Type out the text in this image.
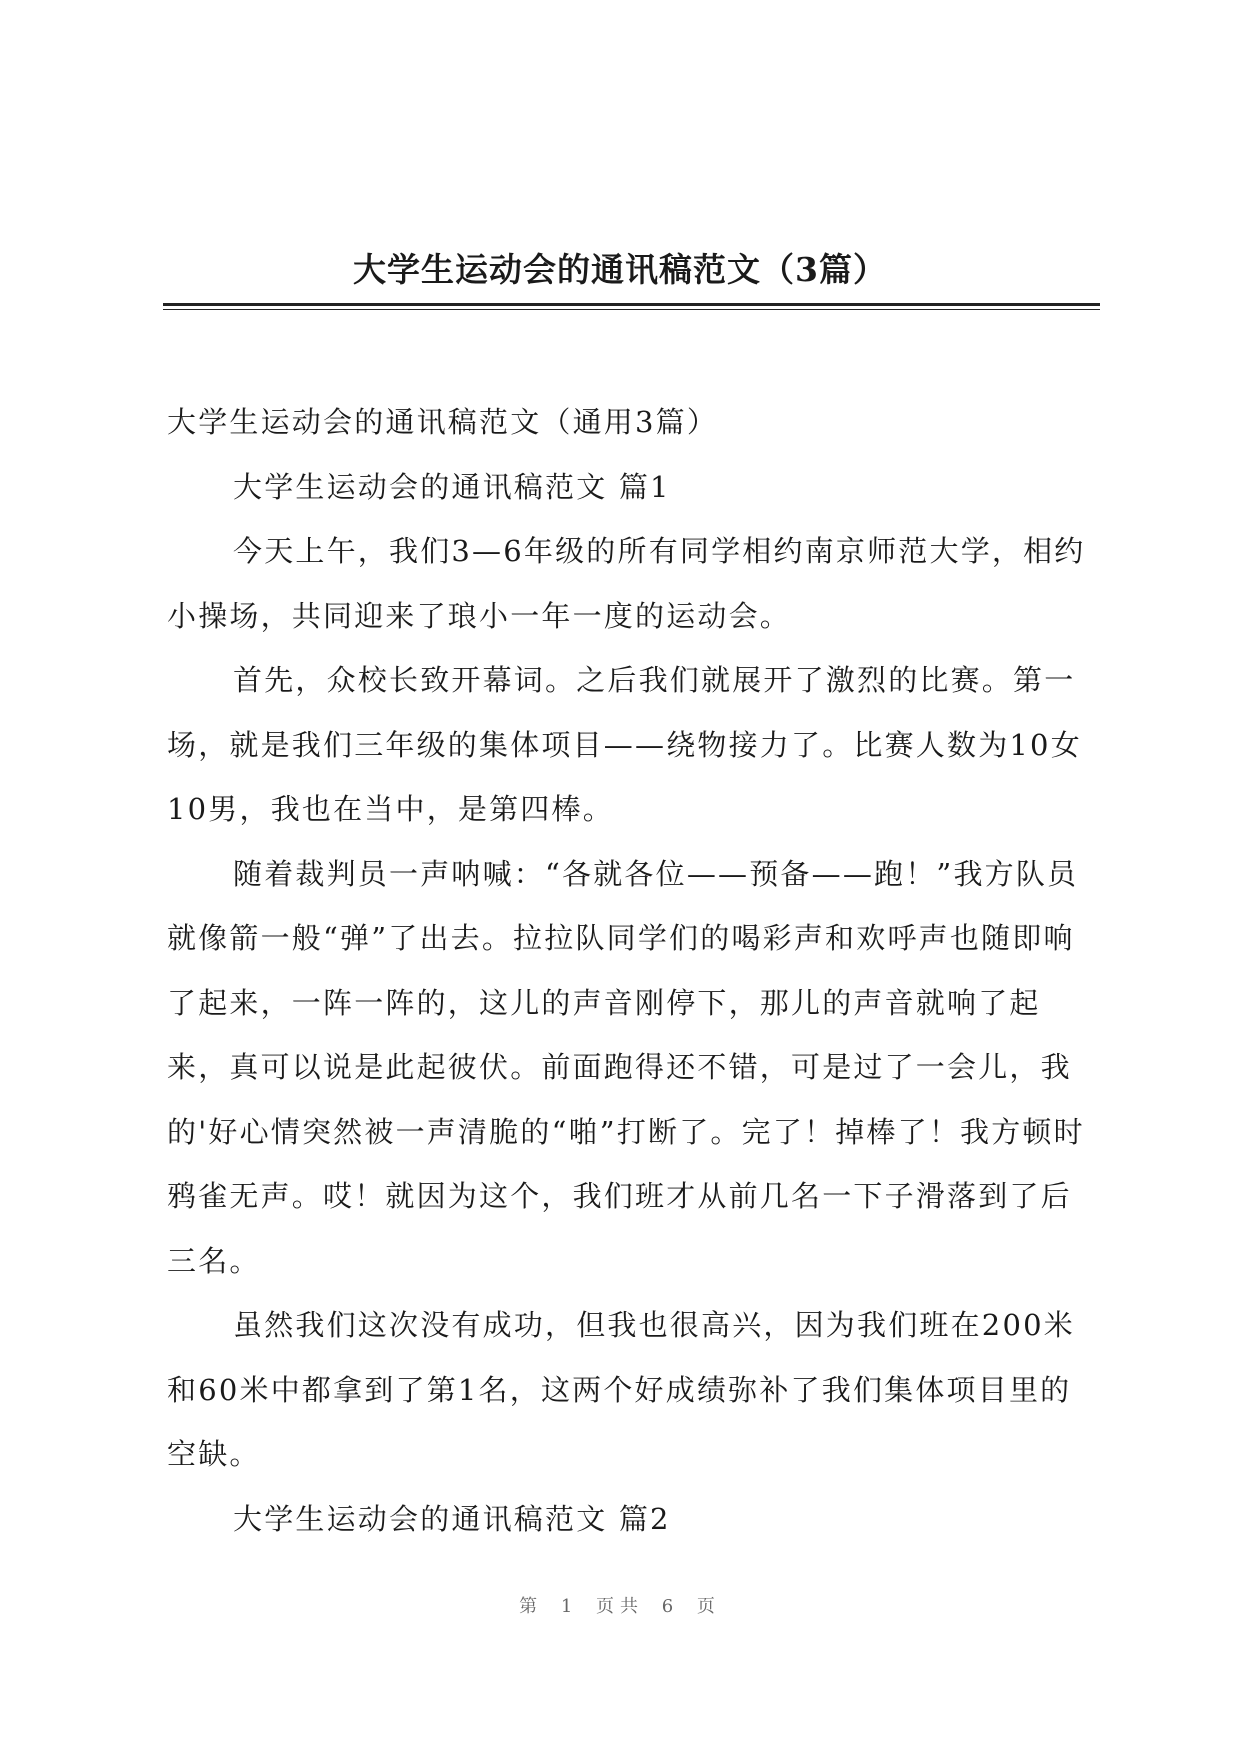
大学生运动会的通讯稿范文（3篇）

大学生运动会的通讯稿范文（通用3篇）

大学生运动会的通讯稿范文 篇1

今天上午，我们3—6年级的所有同学相约南京师范大学，相约小操场，共同迎来了琅小一年一度的运动会。

首先，众校长致开幕词。之后我们就展开了激烈的比赛。第一场，就是我们三年级的集体项目——绕物接力了。比赛人数为10女10男，我也在当中，是第四棒。

随着裁判员一声呐喊：“各就各位——预备——跑！”我方队员就像箭一般“弹”了出去。拉拉队同学们的喝彩声和欢呼声也随即响了起来，一阵一阵的，这儿的声音刚停下，那儿的声音就响了起来，真可以说是此起彼伏。前面跑得还不错，可是过了一会儿，我的'好心情突然被一声清脆的“啪”打断了。完了！掉棒了！我方顿时鸦雀无声。哎！就因为这个，我们班才从前几名一下子滑落到了后三名。

虽然我们这次没有成功，但我也很高兴，因为我们班在200米和60米中都拿到了第1名，这两个好成绩弥补了我们集体项目里的空缺。

大学生运动会的通讯稿范文 篇2

第 1 页共 6 页
